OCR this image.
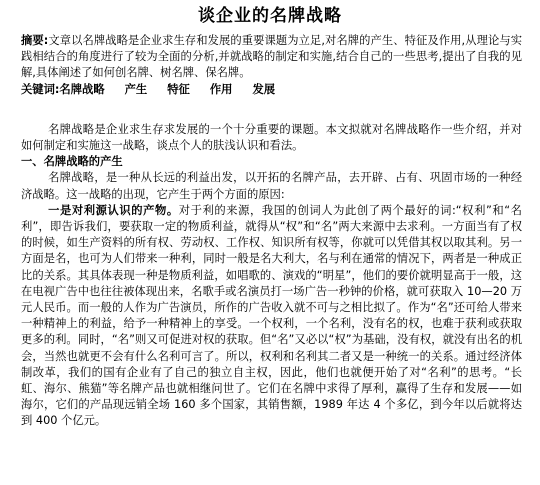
谈企业的名牌战略

摘要:文章以名牌战略是企业求生存和发展的重要课题为立足,对名牌的产生、特征及作用,从理论与实践相结合的角度进行了较为全面的分析,并就战略的制定和实施,结合自己的一些思考,提出了自我的见解,具体阐述了如何创名牌、树名牌、保名牌。

关键词:名牌战略 产生 特征 作用 发展

名牌战略是企业求生存求发展的一个十分重要的课题。本文拟就对名牌战略作一些介绍，并对如何制定和实施这一战略，谈点个人的肤浅认识和看法。

一、名牌战略的产生

名牌战略，是一种从长远的利益出发，以开拓的名牌产品，去开辟、占有、巩固市场的一种经济战略。这一战略的出现，它产生于两个方面的原因:

一是对利源认识的产物。对于利的来源，我国的创词人为此创了两个最好的词:“权利”和“名利”，即告诉我们，要获取一定的物质利益，就得从“权”和“名”两大来源中去求利。一方面当有了权的时候，如生产资料的所有权、劳动权、工作权、知识所有权等，你就可以凭借其权以取其利。另一方面是名，也可为人们带来一种利，同时一般是名大利大，名与利在通常的情况下，两者是一种成正比的关系。其具体表现一种是物质利益，如唱歌的、演戏的“明星”，他们的要价就明显高于一般，这在电视广告中也往往被体现出来，名歌手或名演员打一场广告一秒钟的价格，就可获取入 10—20 万元人民币。而一般的人作为广告演员，所作的广告收入就不可与之相比拟了。作为“名”还可给人带来一种精神上的利益，给予一种精神上的享受。一个权利，一个名利，没有名的权，也难于获利或获取更多的利。同时，“名”则又可促进对权的获取。但“名”又必以“权”为基础，没有权，就没有出名的机会，当然也就更不会有什么名利可言了。所以，权利和名利其二者又是一种统一的关系。通过经济体制改革，我们的国有企业有了自己的独立自主权，因此，他们也就便开始了对“名利”的思考。“长虹、海尔、熊猫”等名牌产品也就相继问世了。它们在名牌中求得了厚利，赢得了生存和发展——如海尔，它们的产品现远销全场 160 多个国家，其销售额，1989 年达 4 个多亿，到今年以后就将达到 400 个亿元。
